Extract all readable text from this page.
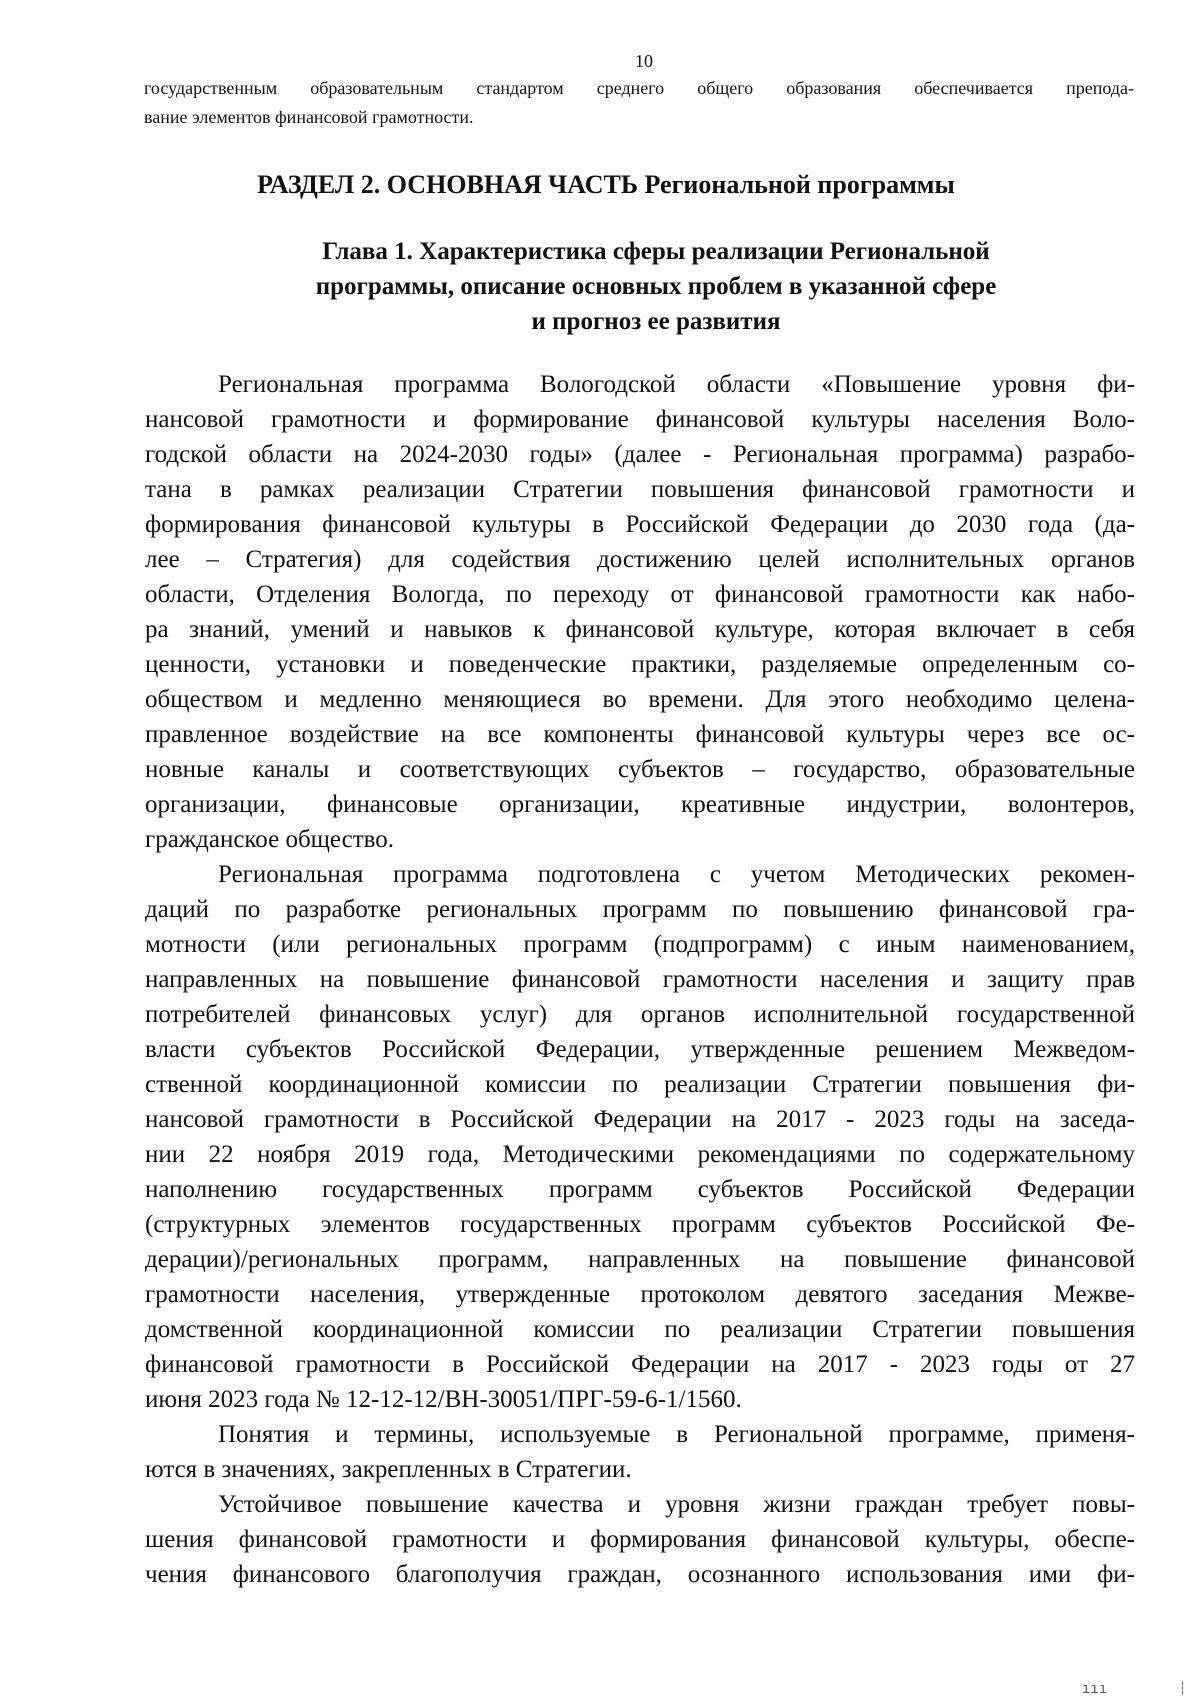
10
государственным образовательным стандартом среднего общего образования обеспечивается препода-
вание элементов финансовой грамотности.
РАЗДЕЛ 2. ОСНОВНАЯ ЧАСТЬ Региональной программы
Глава 1. Характеристика сферы реализации Региональной
программы, описание основных проблем в указанной сфере
и прогноз ее развития
Региональная программа Вологодской области «Повышение уровня фи-
нансовой грамотности и формирование финансовой культуры населения Воло-
годской области на 2024-2030 годы» (далее - Региональная программа) разрабо-
тана в рамках реализации Стратегии повышения финансовой грамотности и
формирования финансовой культуры в Российской Федерации до 2030 года (да-
лее – Стратегия) для содействия достижению целей исполнительных органов
области, Отделения Вологда, по переходу от финансовой грамотности как набо-
ра знаний, умений и навыков к финансовой культуре, которая включает в себя
ценности, установки и поведенческие практики, разделяемые определенным со-
обществом и медленно меняющиеся во времени. Для этого необходимо целена-
правленное воздействие на все компоненты финансовой культуры через все ос-
новные каналы и соответствующих субъектов – государство, образовательные
организации, финансовые организации, креативные индустрии, волонтеров,
гражданское общество.
Региональная программа подготовлена с учетом Методических рекомен-
даций по разработке региональных программ по повышению финансовой гра-
мотности (или региональных программ (подпрограмм) с иным наименованием,
направленных на повышение финансовой грамотности населения и защиту прав
потребителей финансовых услуг) для органов исполнительной государственной
власти субъектов Российской Федерации, утвержденные решением Межведом-
ственной координационной комиссии по реализации Стратегии повышения фи-
нансовой грамотности в Российской Федерации на 2017 - 2023 годы на заседа-
нии 22 ноября 2019 года, Методическими рекомендациями по содержательному
наполнению государственных программ субъектов Российской Федерации
(структурных элементов государственных программ субъектов Российской Фе-
дерации)/региональных программ, направленных на повышение финансовой
грамотности населения, утвержденные протоколом девятого заседания Межве-
домственной координационной комиссии по реализации Стратегии повышения
финансовой грамотности в Российской Федерации на 2017 - 2023 годы от 27
июня 2023 года № 12-12-12/ВН-30051/ПРГ-59-6-1/1560.
Понятия и термины, используемые в Региональной программе, применя-
ются в значениях, закрепленных в Стратегии.
Устойчивое повышение качества и уровня жизни граждан требует повы-
шения финансовой грамотности и формирования финансовой культуры, обеспе-
чения финансового благополучия граждан, осознанного использования ими фи-
ııı
